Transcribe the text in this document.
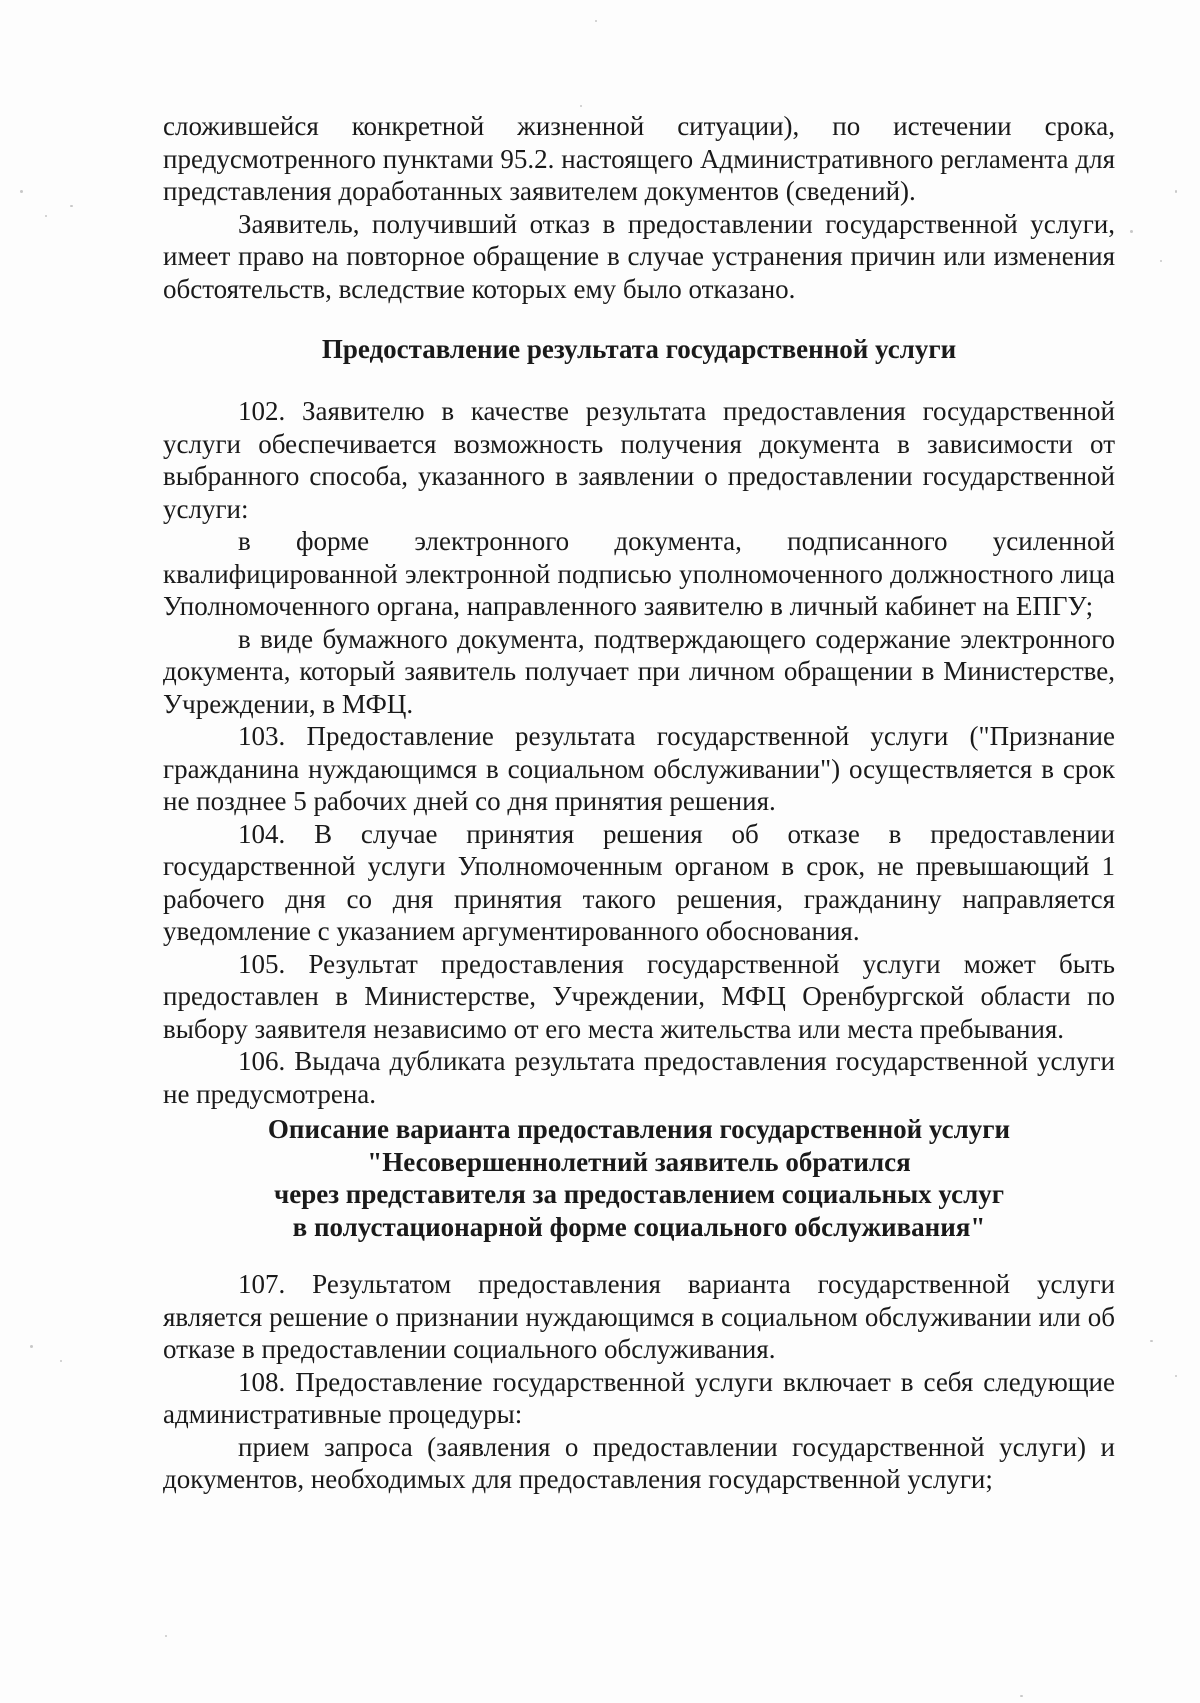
сложившейся конкретной жизненной ситуации), по истечении срока, предусмотренного пунктами 95.2. настоящего Административного регламента для представления доработанных заявителем документов (сведений).

Заявитель, получивший отказ в предоставлении государственной услуги, имеет право на повторное обращение в случае устранения причин или изменения обстоятельств, вследствие которых ему было отказано.

Предоставление результата государственной услуги

102. Заявителю в качестве результата предоставления государственной услуги обеспечивается возможность получения документа в зависимости от выбранного способа, указанного в заявлении о предоставлении государственной услуги:

в форме электронного документа, подписанного усиленной квалифицированной электронной подписью уполномоченного должностного лица Уполномоченного органа, направленного заявителю в личный кабинет на ЕПГУ;

в виде бумажного документа, подтверждающего содержание электронного документа, который заявитель получает при личном обращении в Министерстве, Учреждении, в МФЦ.

103. Предоставление результата государственной услуги ("Признание гражданина нуждающимся в социальном обслуживании") осуществляется в срок не позднее 5 рабочих дней со дня принятия решения.

104. В случае принятия решения об отказе в предоставлении государственной услуги Уполномоченным органом в срок, не превышающий 1 рабочего дня со дня принятия такого решения, гражданину направляется уведомление с указанием аргументированного обоснования.

105. Результат предоставления государственной услуги может быть предоставлен в Министерстве, Учреждении, МФЦ Оренбургской области по выбору заявителя независимо от его места жительства или места пребывания.

106. Выдача дубликата результата предоставления государственной услуги не предусмотрена.

Описание варианта предоставления государственной услуги
"Несовершеннолетний заявитель обратился
через представителя за предоставлением социальных услуг
в полустационарной форме социального обслуживания"

107. Результатом предоставления варианта государственной услуги является решение о признании нуждающимся в социальном обслуживании или об отказе в предоставлении социального обслуживания.

108. Предоставление государственной услуги включает в себя следующие административные процедуры:

прием запроса (заявления о предоставлении государственной услуги) и документов, необходимых для предоставления государственной услуги;
